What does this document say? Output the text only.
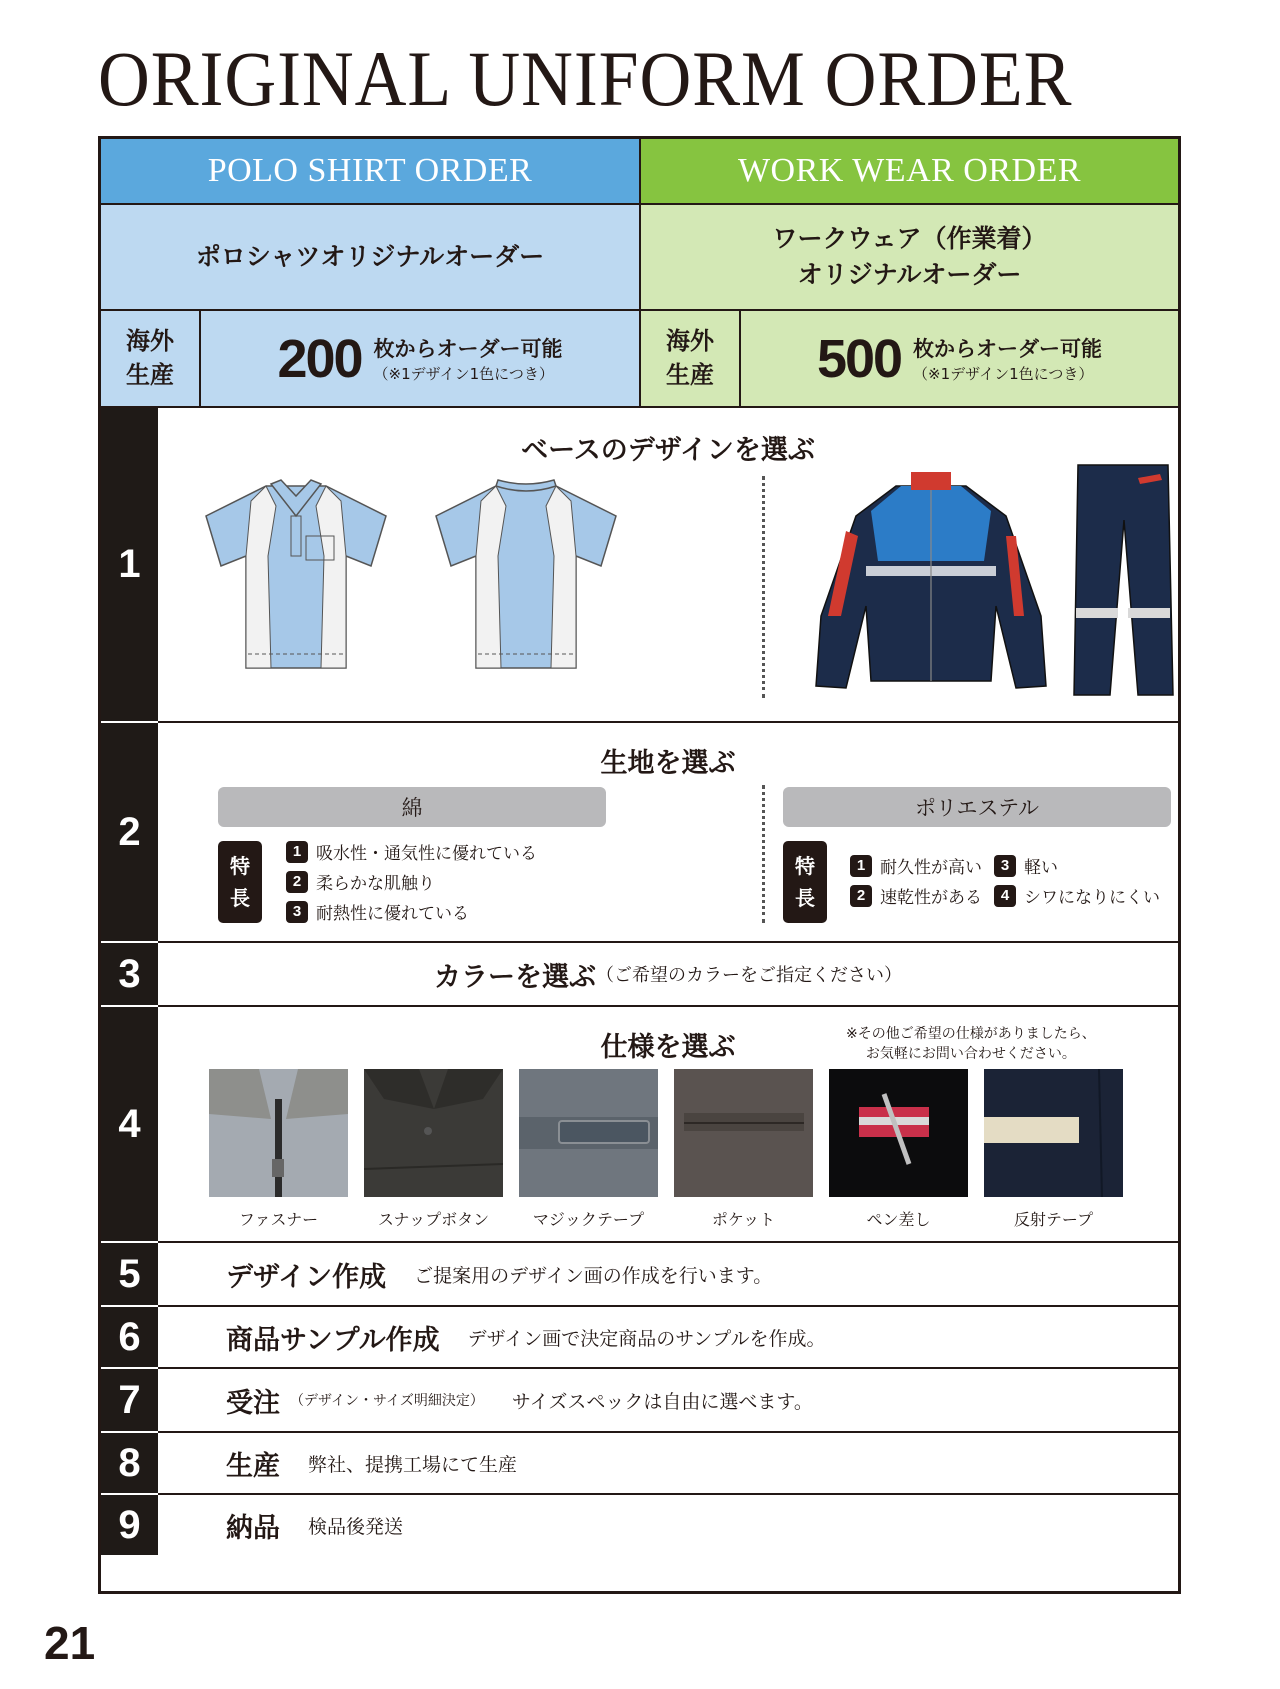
ORIGINAL UNIFORM ORDER
POLO SHIRT ORDER
ポロシャツオリジナルオーダー
海外
生産 200 枚からオーダー可能
（※1デザイン1色につき）
WORK WEAR ORDER
ワークウェア（作業着）
オリジナルオーダー
海外
生産 500 枚からオーダー可能
（※1デザイン1色につき）
1
ベースのデザインを選ぶ
2
生地を選ぶ
綿
特
長
1 吸水性・通気性に優れている
2 柔らかな肌触り
3 耐熱性に優れている
ポリエステル
特
長
1 耐久性が高い
2 速乾性がある
3 軽い
4 シワになりにくい
3	カラーを選ぶ （ご希望のカラーをご指定ください）
4
仕様を選ぶ	※その他ご希望の仕様がありましたら、
お気軽にお問い合わせください。
ファスナー	スナップボタン	マジックテープ	ポケット	ペン差し	反射テープ
5	デザイン作成 ご提案用のデザイン画の作成を行います。
6	商品サンプル作成 デザイン画で決定商品のサンプルを作成。
7	受注 （デザイン・サイズ明細決定） サイズスペックは自由に選べます。
8	生産 弊社、提携工場にて生産
9	納品 検品後発送
21
